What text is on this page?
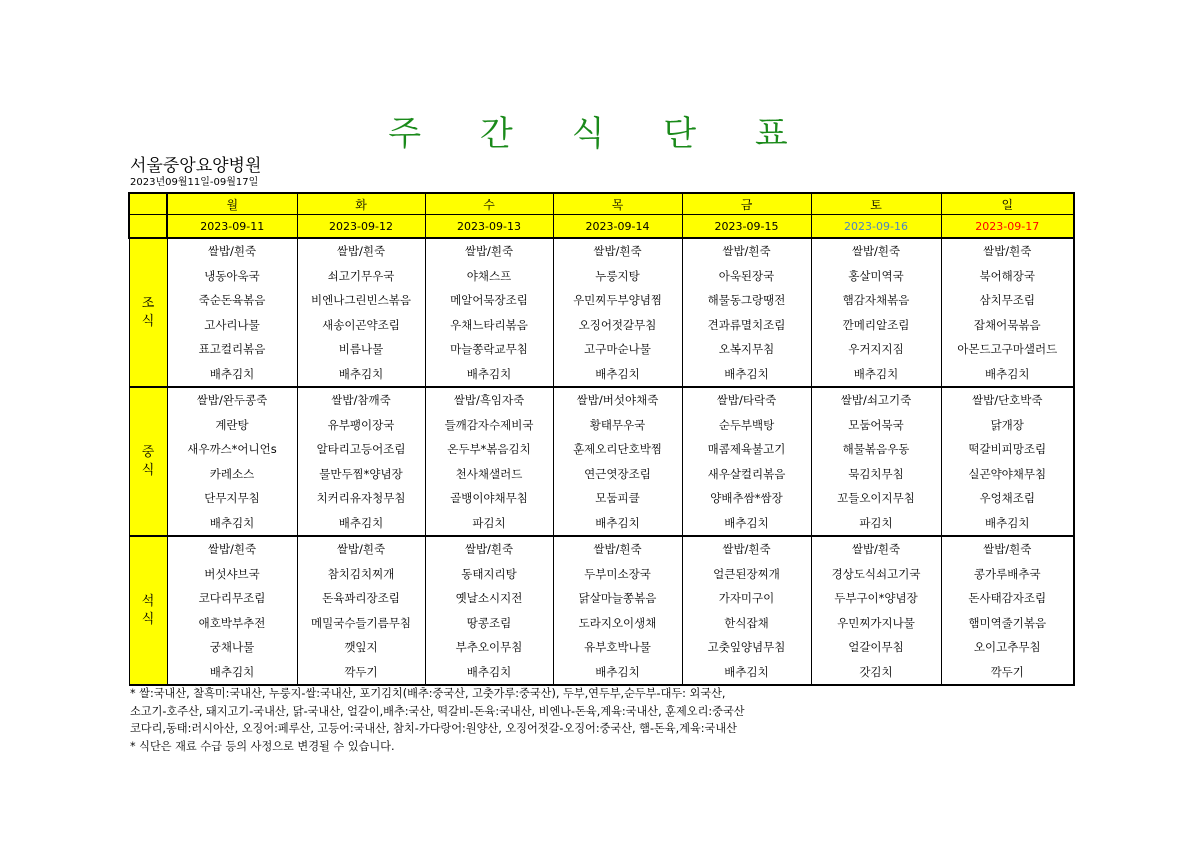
주 간 식 단 표
서울중앙요양병원
2023년09월11일-09월17일
	월	화	수	목	금	토	일
	2023-09-11	2023-09-12	2023-09-13	2023-09-14	2023-09-15	2023-09-16	2023-09-17

조
식	쌀밥/흰죽	쌀밥/흰죽	쌀밥/흰죽	쌀밥/흰죽	쌀밥/흰죽	쌀밥/흰죽	쌀밥/흰죽
	냉동아욱국	쇠고기무우국	야채스프	누룽지탕	아욱된장국	홍살미역국	북어해장국
	죽순돈육볶음	비엔나그린빈스볶음	메알어묵장조림	우민찌두부양념찜	해물동그랑땡전	햄감자채볶음	삼치무조림
	고사리나물	새송이곤약조림	우채느타리볶음	오징어젓갈무침	견과류멸치조림	깐메리알조림	잡채어묵볶음
	표고컬리볶음	비름나물	마늘쫑락교무침	고구마순나물	오복지무침	우거지지짐	아몬드고구마샐러드
	배추김치	배추김치	배추김치	배추김치	배추김치	배추김치	배추김치

중
식	쌀밥/완두콩죽	쌀밥/참깨죽	쌀밥/흑임자죽	쌀밥/버섯야채죽	쌀밥/타락죽	쌀밥/쇠고기죽	쌀밥/단호박죽
	계란탕	유부팽이장국	들깨감자수제비국	황태무우국	순두부백탕	모둠어묵국	닭개장
	새우까스*어니언s	알타리고등어조림	온두부*볶음김치	훈제오리단호박찜	매콤제육불고기	해물볶음우동	떡갈비피망조림
	카레소스	물만두찜*양념장	천사채샐러드	연근엿장조림	새우살컬리볶음	묵김치무침	실곤약야채무침
	단무지무침	치커리유자청무침	골뱅이야채무침	모둠피클	양배추쌈*쌈장	꼬들오이지무침	우엉채조림
	배추김치	배추김치	파김치	배추김치	배추김치	파김치	배추김치

석
식	쌀밥/흰죽	쌀밥/흰죽	쌀밥/흰죽	쌀밥/흰죽	쌀밥/흰죽	쌀밥/흰죽	쌀밥/흰죽
	버섯샤브국	참치김치찌개	동태지리탕	두부미소장국	얼큰된장찌개	경상도식쇠고기국	콩가루배추국
	코다리무조림	돈육꽈리장조림	옛날소시지전	닭살마늘쫑볶음	가자미구이	두부구이*양념장	돈사태감자조림
	애호박부추전	메밀국수들기름무침	땅콩조림	도라지오이생채	한식잡채	우민찌가지나물	햄미역줄기볶음
	궁채나물	깻잎지	부추오이무침	유부호박나물	고춧잎양념무침	얼갈이무침	오이고추무침
	배추김치	깍두기	배추김치	배추김치	배추김치	갓김치	깍두기
* 쌀:국내산, 찰흑미:국내산, 누룽지-쌀:국내산, 포기김치(배추:중국산, 고춧가루:중국산), 두부,연두부,순두부-대두: 외국산,
소고기-호주산, 돼지고기-국내산, 닭-국내산, 얼갈이,배추:국산, 떡갈비-돈육:국내산, 비엔나-돈육,계육:국내산, 훈제오리:중국산
코다리,동태:러시아산, 오징어:페루산, 고등어:국내산, 참치-가다랑어:원양산, 오징어젓갈-오징어:중국산, 햄-돈육,계육:국내산
* 식단은 재료 수급 등의 사정으로 변경될 수 있습니다.
